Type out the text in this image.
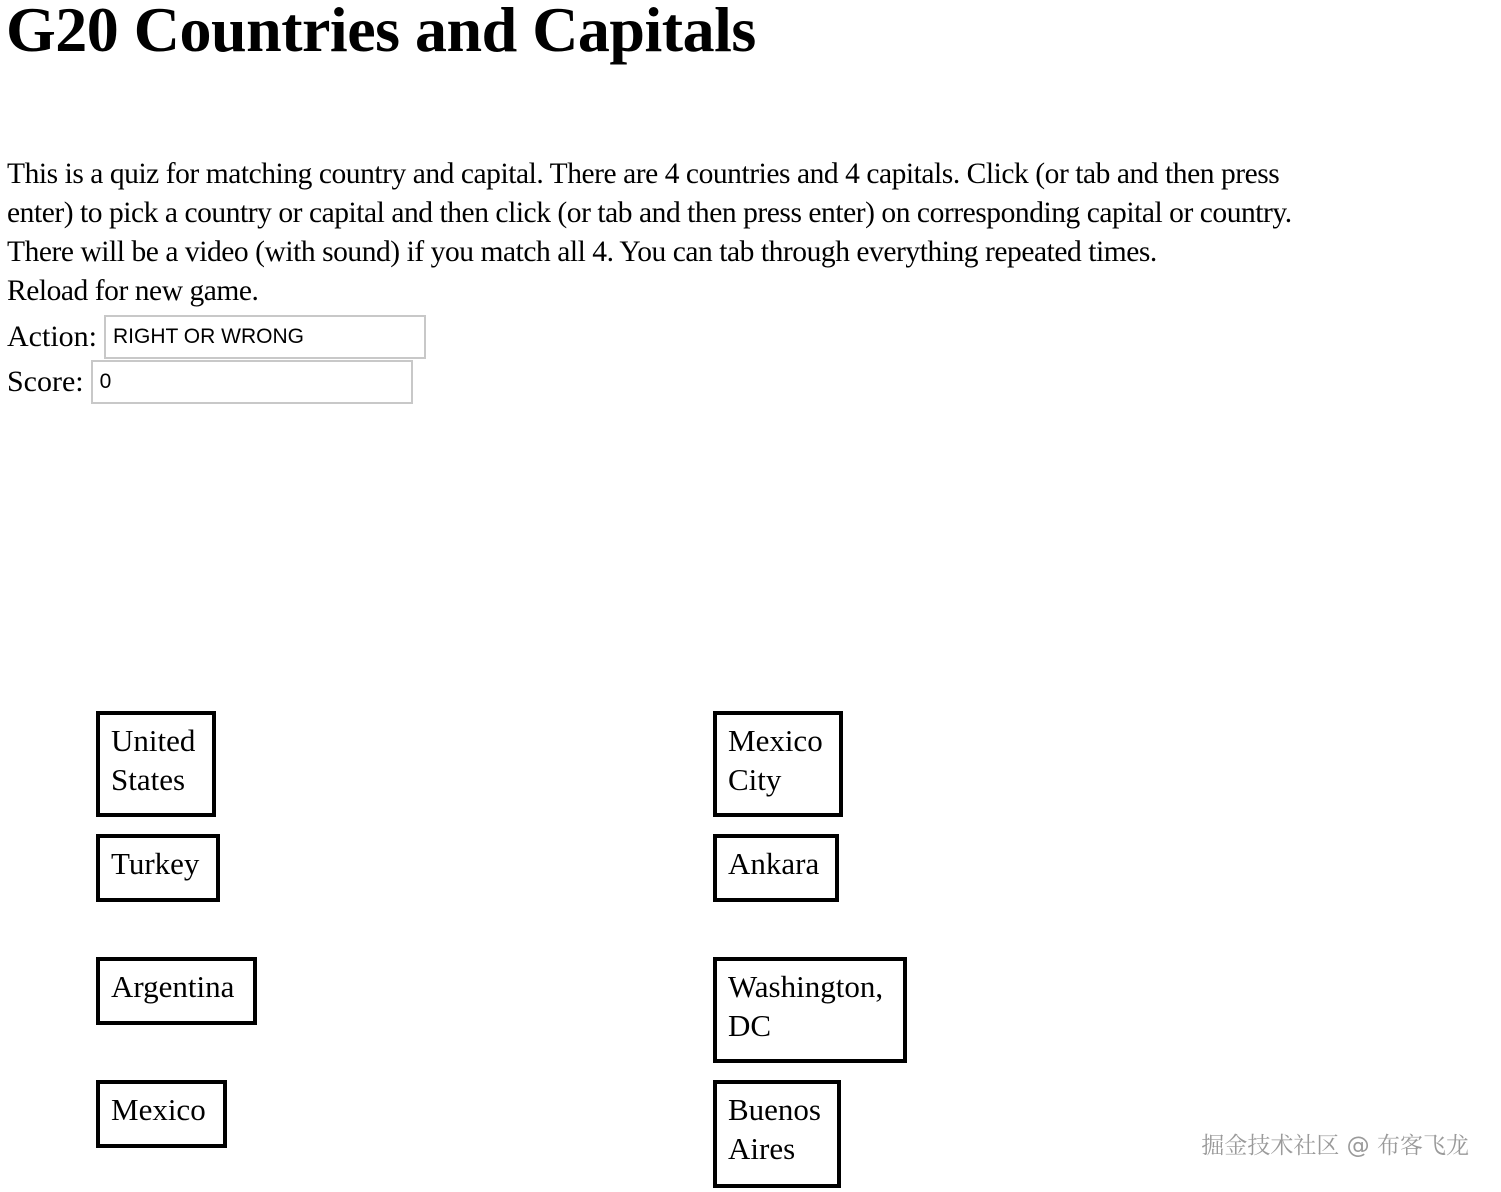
G20 Countries and Capitals

This is a quiz for matching country and capital. There are 4 countries and 4 capitals. Click (or tab and then press
enter) to pick a country or capital and then click (or tab and then press enter) on corresponding capital or country.
There will be a video (with sound) if you match all 4. You can tab through everything repeated times.
Reload for new game.

Action:RIGHT OR WRONG
Score:0
United
States
Turkey
Argentina
Mexico
Mexico
City
Ankara
Washington,
DC
Buenos
Aires	掘金技术社区 @ 布客飞龙
